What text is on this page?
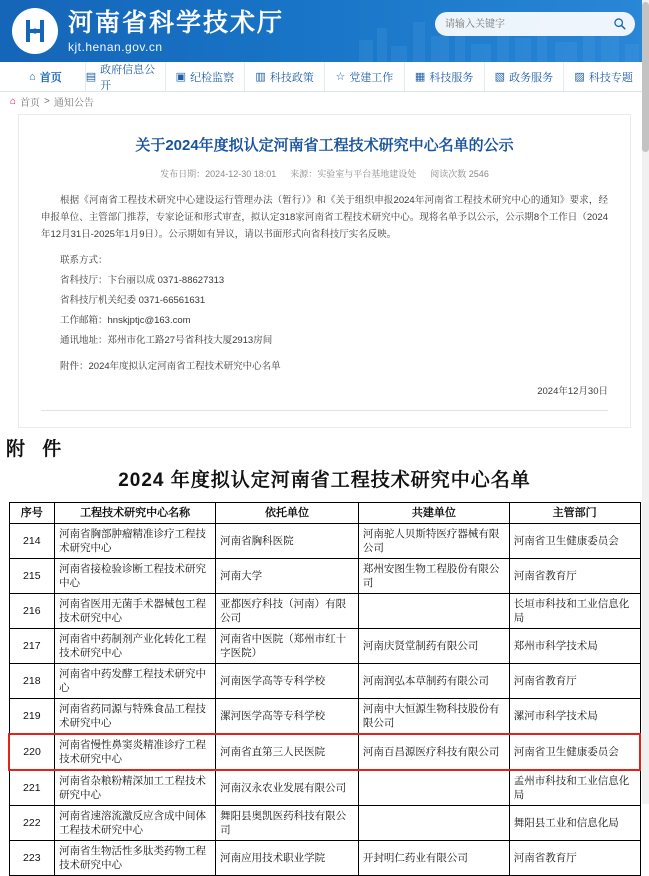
河南省科学技术厅
kjt.henan.gov.cn
请输入关键字
⌂ 首页 ▤
政府信息公开
▣ 纪检监察 ▥ 科技政策 ☆ 党建工作 ▦ 科技服务 ▧ 政务服务 ▨ 科技专题
⌂ 首页 > 通知公告
关于2024年度拟认定河南省工程技术研究中心名单的公示
发布日期：2024-12-30 18:01 来源：实验室与平台基地建设处 阅读次数 2546

根据《河南省工程技术研究中心建设运行管理办法（暂行）》和《关于组织申报2024年河南省工程技术研究中心的通知》要求，经申报单位、主管部门推荐，专家论证和形式审查，拟认定318家河南省工程技术研究中心。现将名单予以公示，公示期8个工作日（2024年12月31日-2025年1月9日）。公示期如有异议，请以书面形式向省科技厅实名反映。

联系方式：

省科技厅：卞台丽以成 0371-88627313

省科技厅机关纪委 0371-66561631

工作邮箱：hnskjptjc@163.com

通讯地址：郑州市化工路27号省科技大厦2913房间

附件：2024年度拟认定河南省工程技术研究中心名单

2024年12月30日
附 件
2024 年度拟认定河南省工程技术研究中心名单
序号	工程技术研究中心名称	依托单位	共建单位	主管部门
214	河南省胸部肿瘤精准诊疗工程技术研究中心	河南省胸科医院	河南驼人贝斯特医疗器械有限公司	河南省卫生健康委员会
215	河南省接检验诊断工程技术研究中心	河南大学	郑州安图生物工程股份有限公司	河南省教育厅
216	河南省医用无菌手术器械包工程技术研究中心	亚都医疗科技（河南）有限公司		长垣市科技和工业信息化局
217	河南省中药制剂产业化转化工程技术研究中心	河南省中医院（郑州市红十字医院）	河南庆贤堂制药有限公司	郑州市科学技术局
218	河南省中药发酵工程技术研究中心	河南医学高等专科学校	河南润弘本草制药有限公司	河南省教育厅
219	河南省药同源与特殊食品工程技术研究中心	漯河医学高等专科学校	河南中大恒源生物科技股份有限公司	漯河市科学技术局
220	河南省慢性鼻窦炎精准诊疗工程技术研究中心	河南省直第三人民医院	河南百昌源医疗科技有限公司	河南省卫生健康委员会
221	河南省杂粮粉精深加工工程技术研究中心	河南汉永农业发展有限公司		孟州市科技和工业信息化局
222	河南省速溶流激反应含成中间体工程技术研究中心	舞阳县奥凯医药科技有限公司		舞阳县工业和信息化局
223	河南省生物活性多肽类药物工程技术研究中心	河南应用技术职业学院	开封明仁药业有限公司	河南省教育厅
